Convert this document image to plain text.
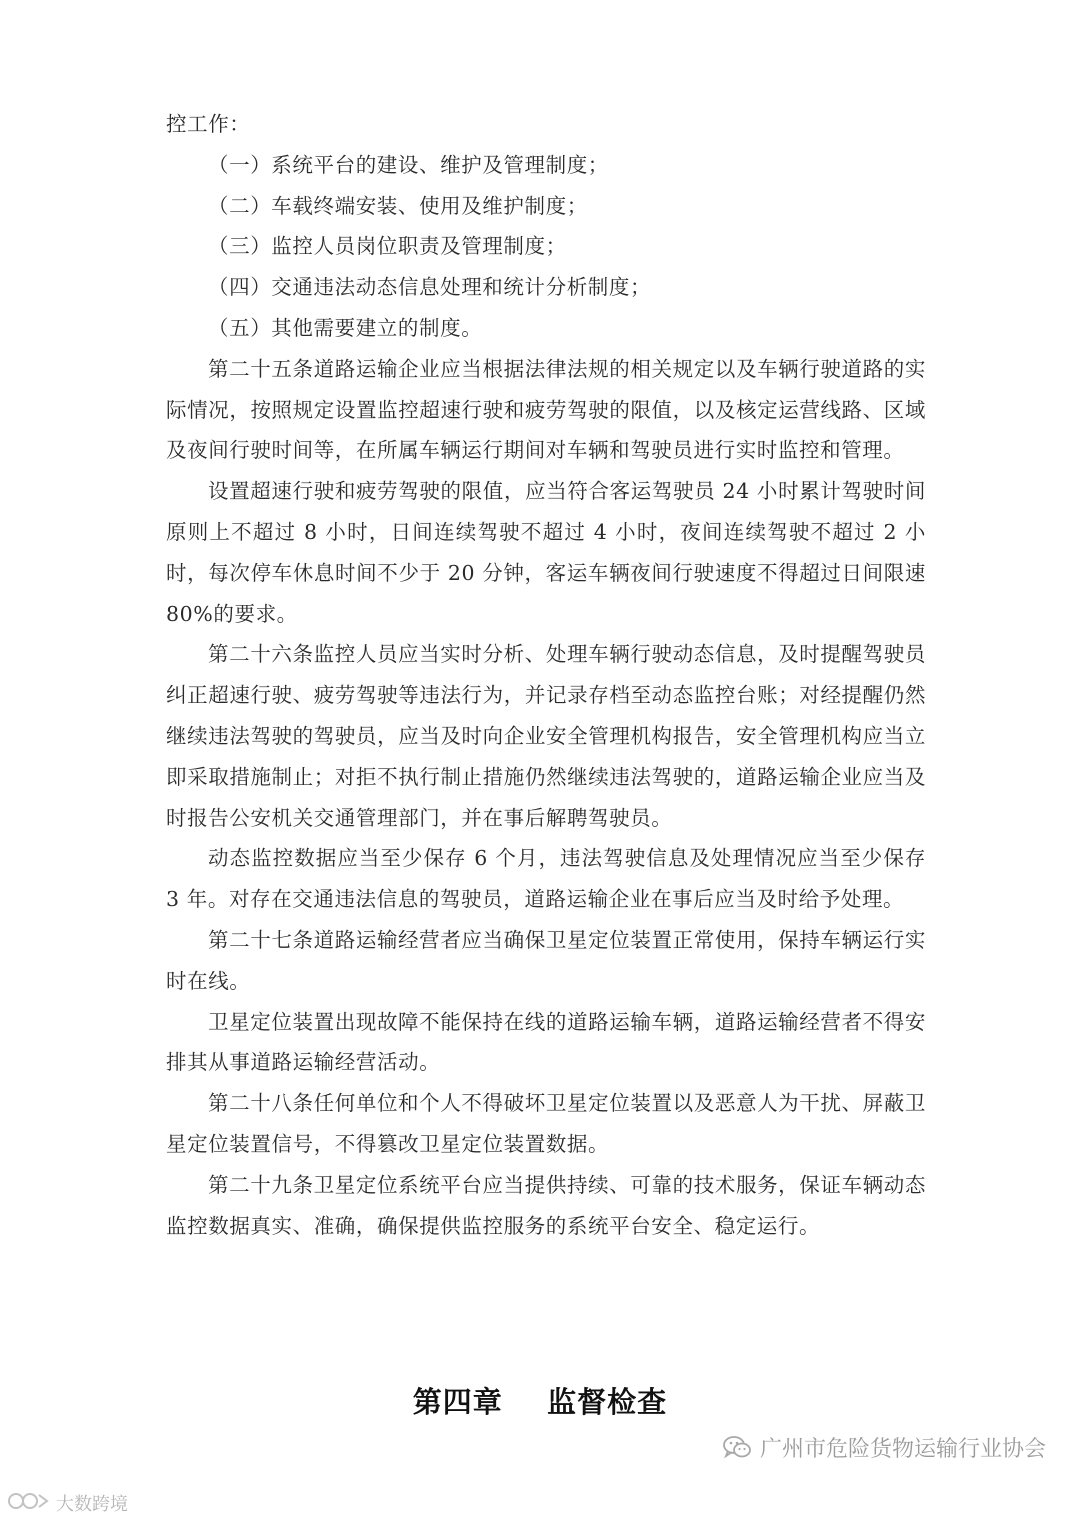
控工作：

（一）系统平台的建设、维护及管理制度；

（二）车载终端安装、使用及维护制度；

（三）监控人员岗位职责及管理制度；

（四）交通违法动态信息处理和统计分析制度；

（五）其他需要建立的制度。

第二十五条道路运输企业应当根据法律法规的相关规定以及车辆行驶道路的实际情况，按照规定设置监控超速行驶和疲劳驾驶的限值，以及核定运营线路、区域及夜间行驶时间等，在所属车辆运行期间对车辆和驾驶员进行实时监控和管理。

设置超速行驶和疲劳驾驶的限值，应当符合客运驾驶员 24 小时累计驾驶时间原则上不超过 8 小时，日间连续驾驶不超过 4 小时，夜间连续驾驶不超过 2 小时，每次停车休息时间不少于 20 分钟，客运车辆夜间行驶速度不得超过日间限速 80%的要求。

第二十六条监控人员应当实时分析、处理车辆行驶动态信息，及时提醒驾驶员纠正超速行驶、疲劳驾驶等违法行为，并记录存档至动态监控台账；对经提醒仍然继续违法驾驶的驾驶员，应当及时向企业安全管理机构报告，安全管理机构应当立即采取措施制止；对拒不执行制止措施仍然继续违法驾驶的，道路运输企业应当及时报告公安机关交通管理部门，并在事后解聘驾驶员。

动态监控数据应当至少保存 6 个月，违法驾驶信息及处理情况应当至少保存 3 年。对存在交通违法信息的驾驶员，道路运输企业在事后应当及时给予处理。

第二十七条道路运输经营者应当确保卫星定位装置正常使用，保持车辆运行实时在线。

卫星定位装置出现故障不能保持在线的道路运输车辆，道路运输经营者不得安排其从事道路运输经营活动。

第二十八条任何单位和个人不得破坏卫星定位装置以及恶意人为干扰、屏蔽卫星定位装置信号，不得篡改卫星定位装置数据。

第二十九条卫星定位系统平台应当提供持续、可靠的技术服务，保证车辆动态监控数据真实、准确，确保提供监控服务的系统平台安全、稳定运行。

第四章    监督检查
广州市危险货物运输行业协会
大数跨境
